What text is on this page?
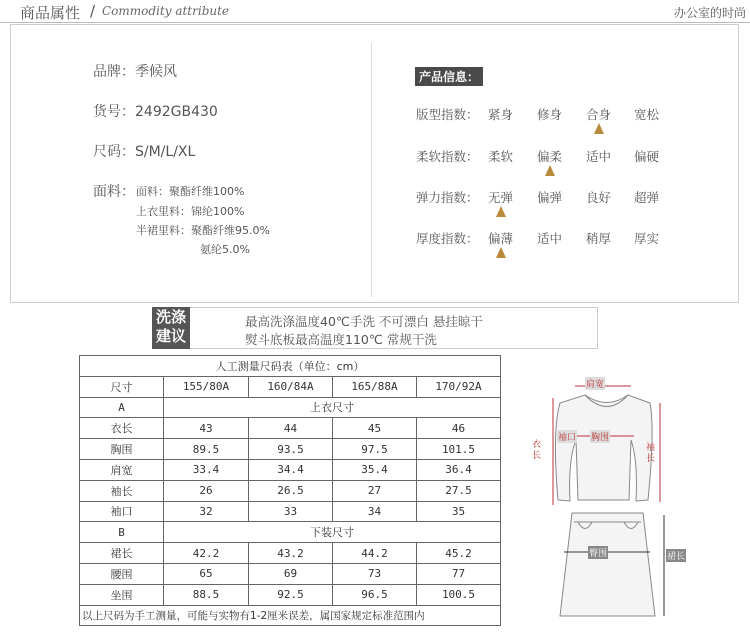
商品属性 / Commodity attribute	办公室的时尚
品牌：季候风
货号：2492GB430
尺码：S/M/L/XL
面料： 面料：聚酯纤维100%
上衣里料：锦纶100%
半裙里料：聚酯纤维95.0%
氨纶5.0%
产品信息：
版型指数： 紧身 修身 合身 宽松
柔软指数： 柔软 偏柔 适中 偏硬
弹力指数： 无弹 偏弹 良好 超弹
厚度指数： 偏薄 适中 稍厚 厚实
洗涤
建议
最高洗涤温度40℃手洗 不可漂白 悬挂晾干
熨斗底板最高温度110℃ 常规干洗
人工测量尺码表（单位：cm）				
尺寸	155/80A	160/84A	165/88A	170/92A
A	上衣尺寸			
衣长	43	44	45	46
胸围	89.5	93.5	97.5	101.5
肩宽	33.4	34.4	35.4	36.4
袖长	26	26.5	27	27.5
袖口	32	33	34	35
B	下装尺寸			
裙长	42.2	43.2	44.2	45.2
腰围	65	69	73	77
坐围	88.5	92.5	96.5	100.5
以上尺码为手工测量，可能与实物有1-2厘米误差，属国家规定标准范围内				
肩宽
衣长
袖口 胸围
袖长
臀围	裙长
